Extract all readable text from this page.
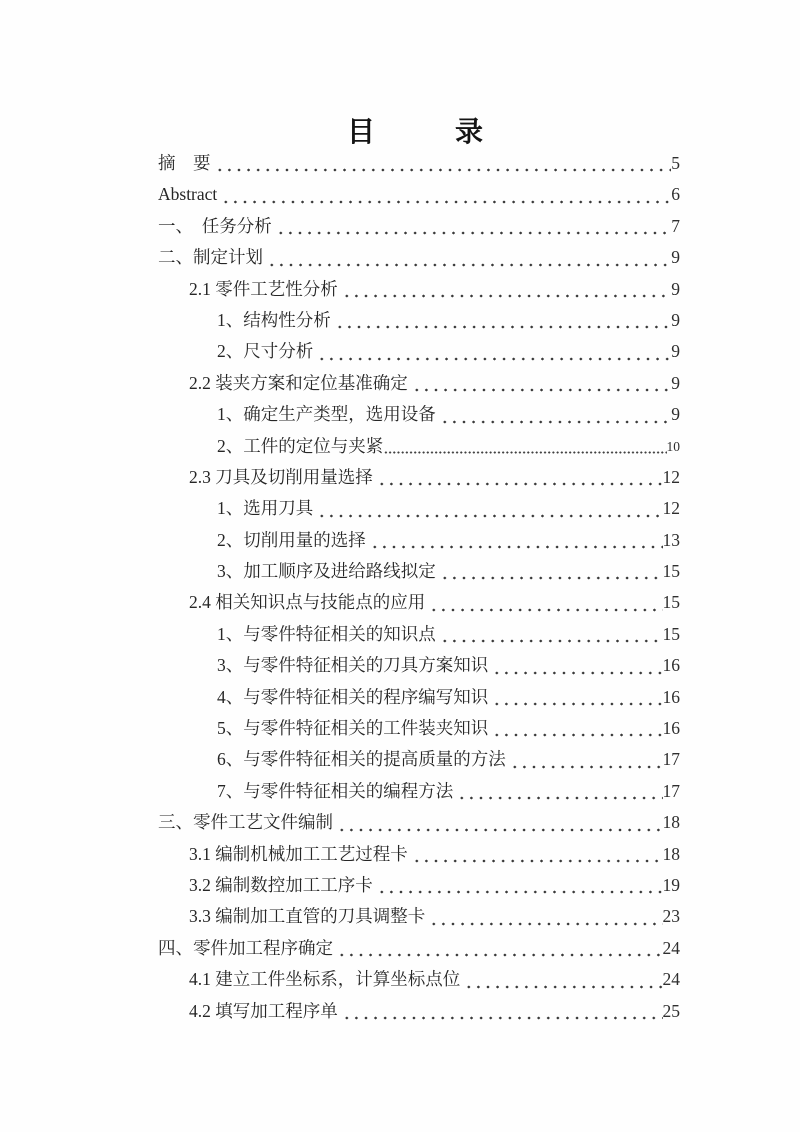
目　　录
摘　要	5
Abstract	6
一、　任务分析	7
二、制定计划	9
2.1 零件工艺性分析	9
1、结构性分析	9
2、尺寸分析	9
2.2 装夹方案和定位基准确定	9
1、确定生产类型，选用设备	9
2、工件的定位与夹紧	10
2.3 刀具及切削用量选择	12
1、选用刀具	12
2、切削用量的选择	13
3、加工顺序及进给路线拟定	15
2.4 相关知识点与技能点的应用	15
1、与零件特征相关的知识点	15
3、与零件特征相关的刀具方案知识	16
4、与零件特征相关的程序编写知识	16
5、与零件特征相关的工件装夹知识	16
6、与零件特征相关的提高质量的方法	17
7、与零件特征相关的编程方法	17
三、零件工艺文件编制	18
3.1 编制机械加工工艺过程卡	18
3.2 编制数控加工工序卡	19
3.3 编制加工直管的刀具调整卡	23
四、零件加工程序确定	24
4.1 建立工件坐标系，计算坐标点位	24
4.2 填写加工程序单	25
